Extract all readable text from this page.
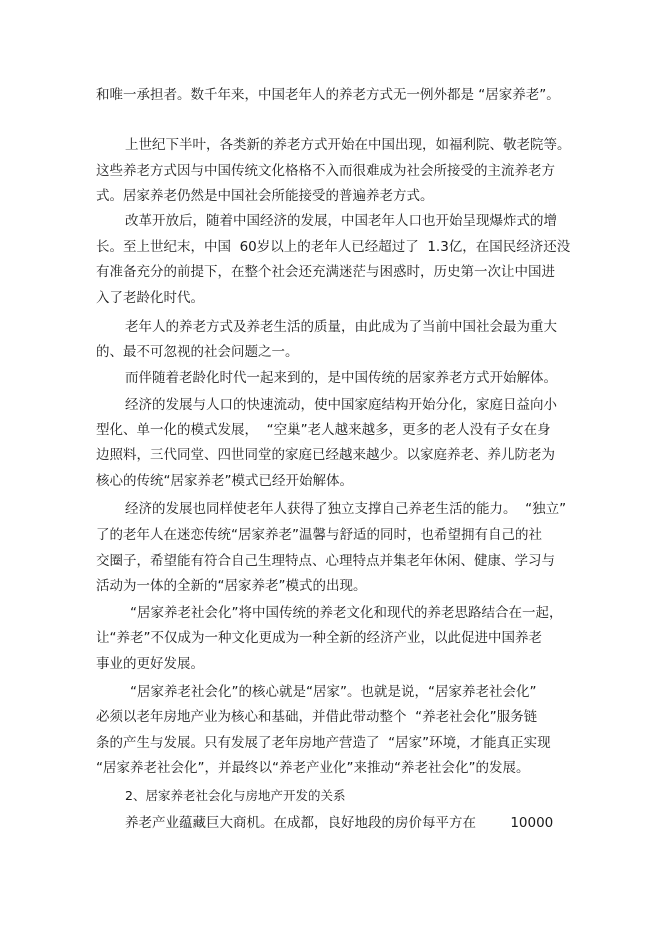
和唯一承担者。数千年来，中国老年人的养老方式无一例外都是 “居家养老”。
上世纪下半叶，各类新的养老方式开始在中国出现，如福利院、敬老院等。
这些养老方式因与中国传统文化格格不入而很难成为社会所接受的主流养老方
式。居家养老仍然是中国社会所能接受的普遍养老方式。
改革开放后，随着中国经济的发展，中国老年人口也开始呈现爆炸式的增
长。至上世纪末，中国  60岁以上的老年人已经超过了  1.3亿，在国民经济还没
有准备充分的前提下，在整个社会还充满迷茫与困惑时，历史第一次让中国进
入了老龄化时代。
老年人的养老方式及养老生活的质量，由此成为了当前中国社会最为重大
的、最不可忽视的社会问题之一。
而伴随着老龄化时代一起来到的，是中国传统的居家养老方式开始解体。
经济的发展与人口的快速流动，使中国家庭结构开始分化，家庭日益向小
型化、单一化的模式发展，  “空巢”老人越来越多，更多的老人没有子女在身
边照料，三代同堂、四世同堂的家庭已经越来越少。以家庭养老、养儿防老为
核心的传统“居家养老”模式已经开始解体。
经济的发展也同样使老年人获得了独立支撑自己养老生活的能力。  “独立”
了的老年人在迷恋传统“居家养老”温馨与舒适的同时，也希望拥有自己的社
交圈子，希望能有符合自己生理特点、心理特点并集老年休闲、健康、学习与
活动为一体的全新的“居家养老”模式的出现。
“居家养老社会化”将中国传统的养老文化和现代的养老思路结合在一起，
让“养老”不仅成为一种文化更成为一种全新的经济产业，以此促进中国养老
事业的更好发展。
“居家养老社会化”的核心就是“居家”。也就是说，“居家养老社会化”
必须以老年房地产业为核心和基础，并借此带动整个  “养老社会化”服务链
条的产生与发展。只有发展了老年房地产营造了  “居家”环境，才能真正实现
“居家养老社会化”，并最终以“养老产业化”来推动“养老社会化”的发展。
2、居家养老社会化与房地产开发的关系
养老产业蕴藏巨大商机。在成都，良好地段的房价每平方在        10000
